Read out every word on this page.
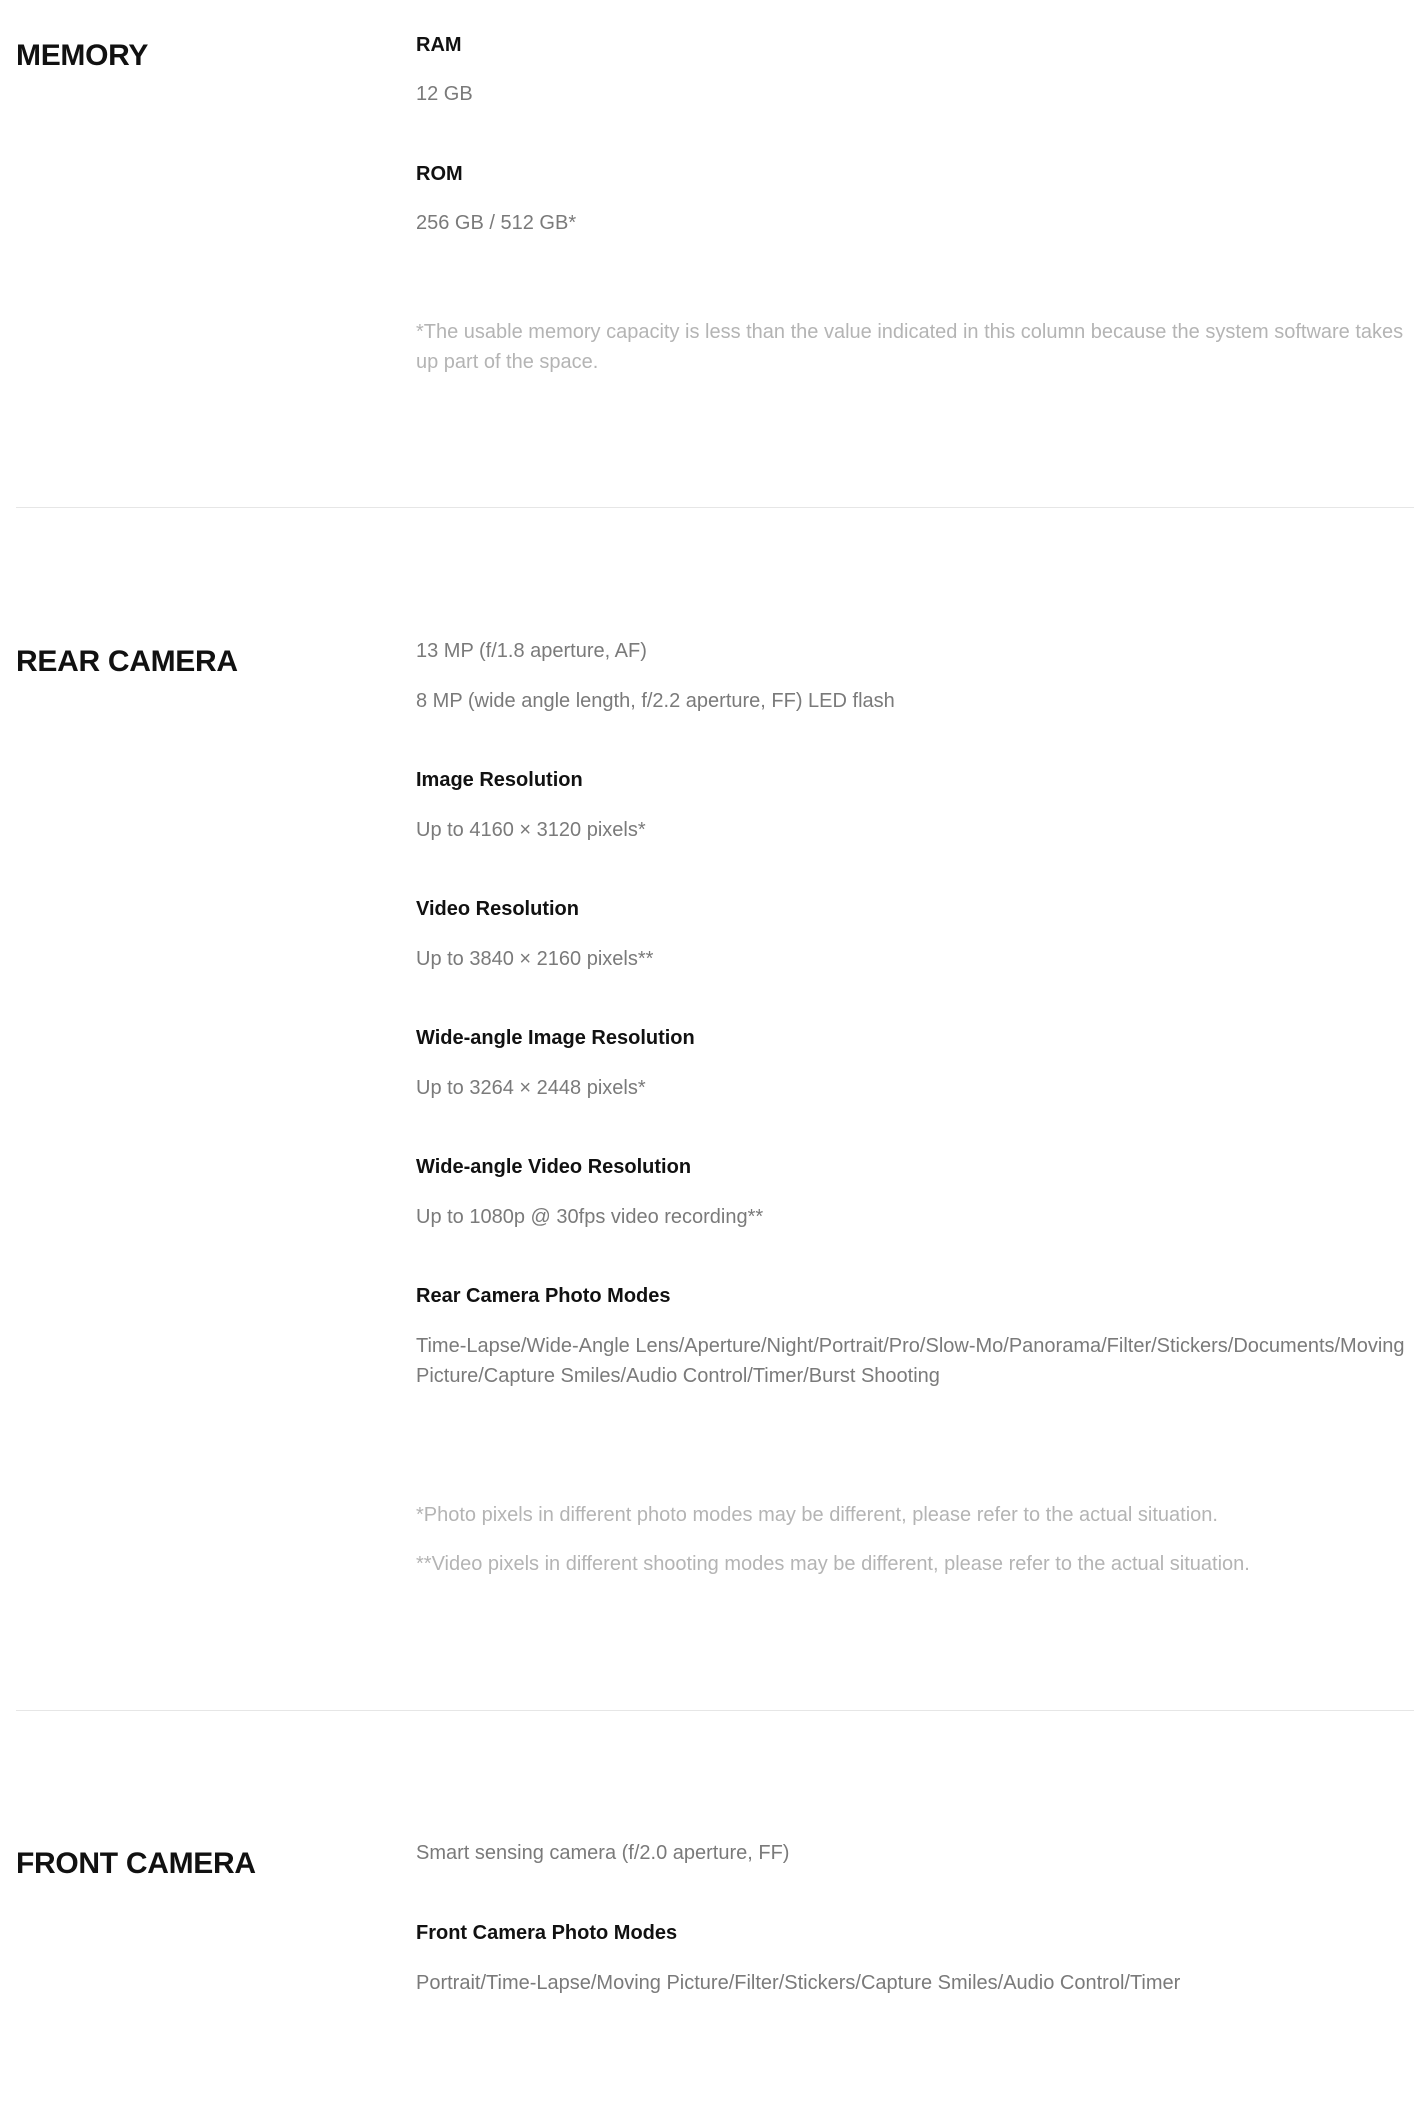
MEMORY	RAM
12 GB
ROM
256 GB / 512 GB*
*The usable memory capacity is less than the value indicated in this column because the system software takes up part of the space.
REAR CAMERA	13 MP (f/1.8 aperture, AF)
8 MP (wide angle length, f/2.2 aperture, FF) LED flash
Image Resolution
Up to 4160 × 3120 pixels*
Video Resolution
Up to 3840 × 2160 pixels**
Wide-angle Image Resolution
Up to 3264 × 2448 pixels*
Wide-angle Video Resolution
Up to 1080p @ 30fps video recording**
Rear Camera Photo Modes
Time-Lapse/Wide-Angle Lens/Aperture/Night/Portrait/Pro/Slow-Mo/Panorama/Filter/Stickers/Documents/Moving Picture/Capture Smiles/Audio Control/Timer/Burst Shooting
*Photo pixels in different photo modes may be different, please refer to the actual situation.
**Video pixels in different shooting modes may be different, please refer to the actual situation.
FRONT CAMERA	Smart sensing camera (f/2.0 aperture, FF)
Front Camera Photo Modes
Portrait/Time-Lapse/Moving Picture/Filter/Stickers/Capture Smiles/Audio Control/Timer
